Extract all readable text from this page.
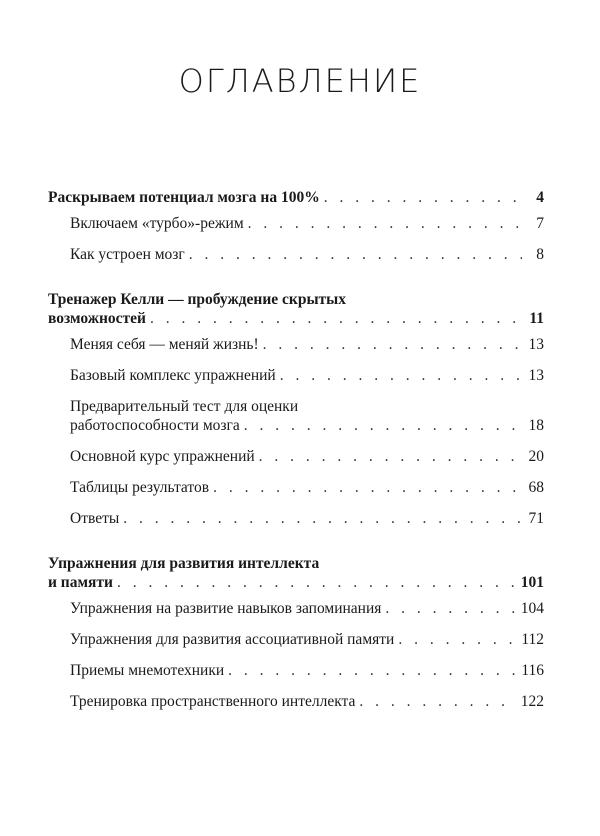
ОГЛАВЛЕНИЕ
Раскрываем потенциал мозга на 100% . . .	4
Включаем «турбо»-режим . . .	7
Как устроен мозг . . .	8
Тренажер Келли — пробуждение скрытых
возможностей . . .	11
Меняя себя — меняй жизнь! . . .	13
Базовый комплекс упражнений . . .	13
Предварительный тест для оценки
работоспособности мозга . . .	18
Основной курс упражнений . . .	20
Таблицы результатов . . .	68
Ответы . . .	71
Упражнения для развития интеллекта
и памяти . . .	101
Упражнения на развитие навыков запоминания . . .	104
Упражнения для развития ассоциативной памяти . . .	112
Приемы мнемотехники . . .	116
Тренировка пространственного интеллекта . . .	122
